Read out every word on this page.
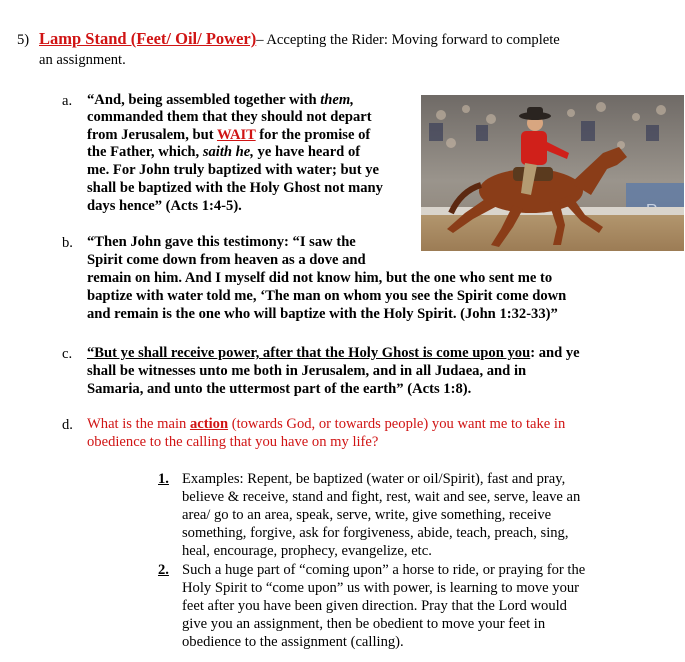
5) Lamp Stand (Feet/ Oil/ Power)– Accepting the Rider: Moving forward to complete
an assignment.
a. “And, being assembled together with them,
commanded them that they should not depart
from Jerusalem, but WAIT for the promise of
the Father, which, saith he, ye have heard of
me. For John truly baptized with water; but ye
shall be baptized with the Holy Ghost not many
days hence” (Acts 1:4-5).
b. “Then John gave this testimony: “I saw the
Spirit come down from heaven as a dove and
remain on him. And I myself did not know him, but the one who sent me to
baptize with water told me, ‘The man on whom you see the Spirit come down
and remain is the one who will baptize with the Holy Spirit. (John 1:32-33)”
c. “But ye shall receive power, after that the Holy Ghost is come upon you: and ye
shall be witnesses unto me both in Jerusalem, and in all Judaea, and in
Samaria, and unto the uttermost part of the earth” (Acts 1:8).
d. What is the main action (towards God, or towards people) you want me to take in
obedience to the calling that you have on my life?
1. Examples: Repent, be baptized (water or oil/Spirit), fast and pray,
believe & receive, stand and fight, rest, wait and see, serve, leave an
area/ go to an area, speak, serve, write, give something, receive
something, forgive, ask for forgiveness, abide, teach, preach, sing,
heal, encourage, prophecy, evangelize, etc.
2. Such a huge part of “coming upon” a horse to ride, or praying for the
Holy Spirit to “come upon” us with power, is learning to move your
feet after you have been given direction. Pray that the Lord would
give you an assignment, then be obedient to move your feet in
obedience to the assignment (calling).
